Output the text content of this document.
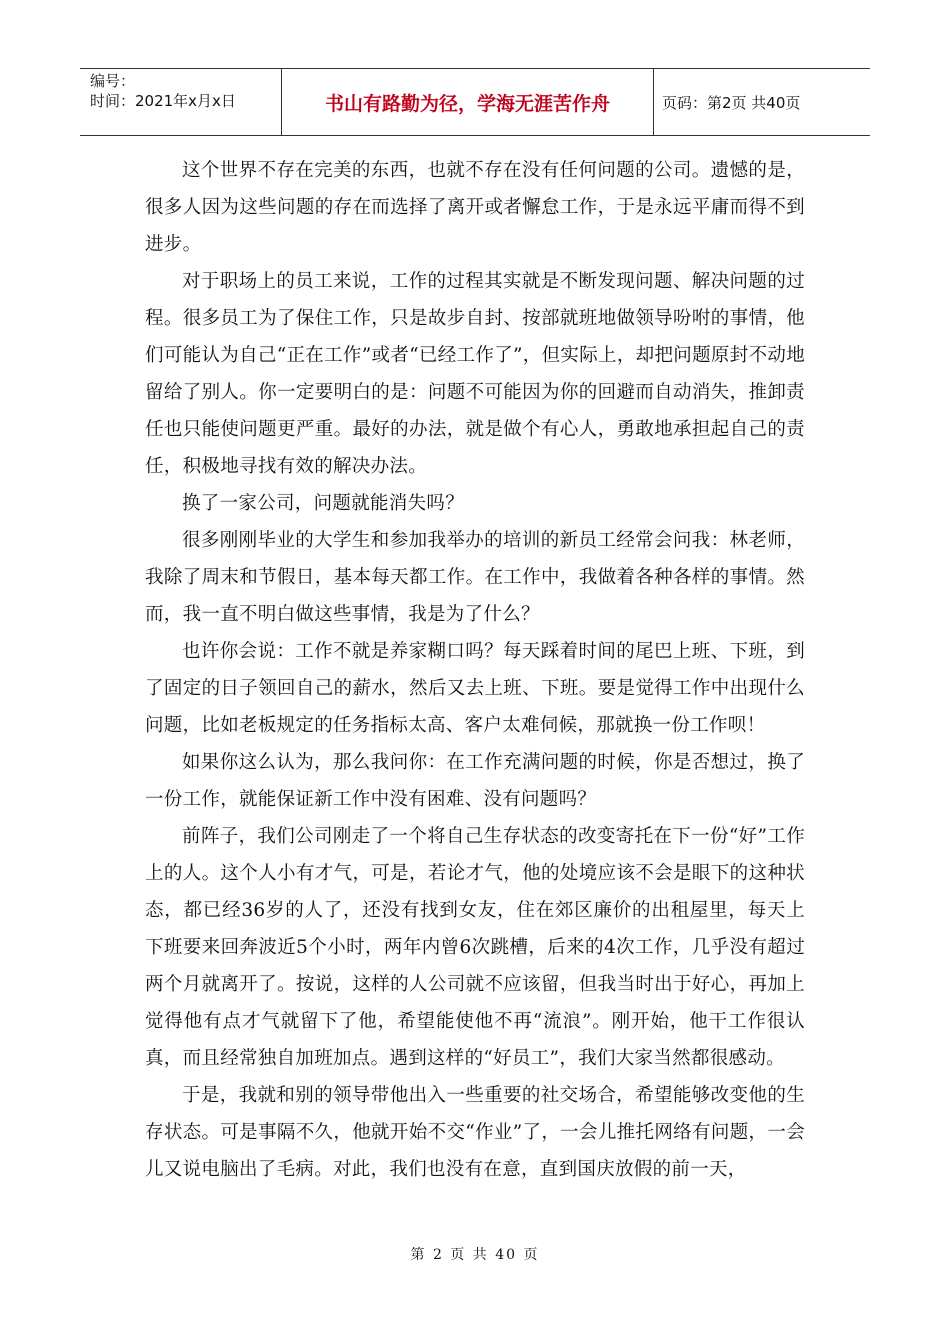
编号：
时间：2021年x月x日	书山有路勤为径，学海无涯苦作舟	页码：第2页 共40页

这个世界不存在完美的东西，也就不存在没有任何问题的公司。遗憾的是，很多人因为这些问题的存在而选择了离开或者懈怠工作，于是永远平庸而得不到进步。

对于职场上的员工来说，工作的过程其实就是不断发现问题、解决问题的过程。很多员工为了保住工作，只是故步自封、按部就班地做领导吩咐的事情，他们可能认为自己“正在工作”或者“已经工作了”，但实际上，却把问题原封不动地留给了别人。你一定要明白的是：问题不可能因为你的回避而自动消失，推卸责任也只能使问题更严重。最好的办法，就是做个有心人，勇敢地承担起自己的责任，积极地寻找有效的解决办法。

换了一家公司，问题就能消失吗？

很多刚刚毕业的大学生和参加我举办的培训的新员工经常会问我：林老师，我除了周末和节假日，基本每天都工作。在工作中，我做着各种各样的事情。然而，我一直不明白做这些事情，我是为了什么？

也许你会说：工作不就是养家糊口吗？每天踩着时间的尾巴上班、下班，到了固定的日子领回自己的薪水，然后又去上班、下班。要是觉得工作中出现什么问题，比如老板规定的任务指标太高、客户太难伺候，那就换一份工作呗！

如果你这么认为，那么我问你：在工作充满问题的时候，你是否想过，换了一份工作，就能保证新工作中没有困难、没有问题吗？

前阵子，我们公司刚走了一个将自己生存状态的改变寄托在下一份“好”工作上的人。这个人小有才气，可是，若论才气，他的处境应该不会是眼下的这种状态，都已经36岁的人了，还没有找到女友，住在郊区廉价的出租屋里，每天上下班要来回奔波近5个小时，两年内曾6次跳槽，后来的4次工作，几乎没有超过两个月就离开了。按说，这样的人公司就不应该留，但我当时出于好心，再加上觉得他有点才气就留下了他，希望能使他不再“流浪”。刚开始，他干工作很认真，而且经常独自加班加点。遇到这样的“好员工”，我们大家当然都很感动。

于是，我就和别的领导带他出入一些重要的社交场合，希望能够改变他的生存状态。可是事隔不久，他就开始不交“作业”了，一会儿推托网络有问题，一会儿又说电脑出了毛病。对此，我们也没有在意，直到国庆放假的前一天，

第 2 页 共 40 页
